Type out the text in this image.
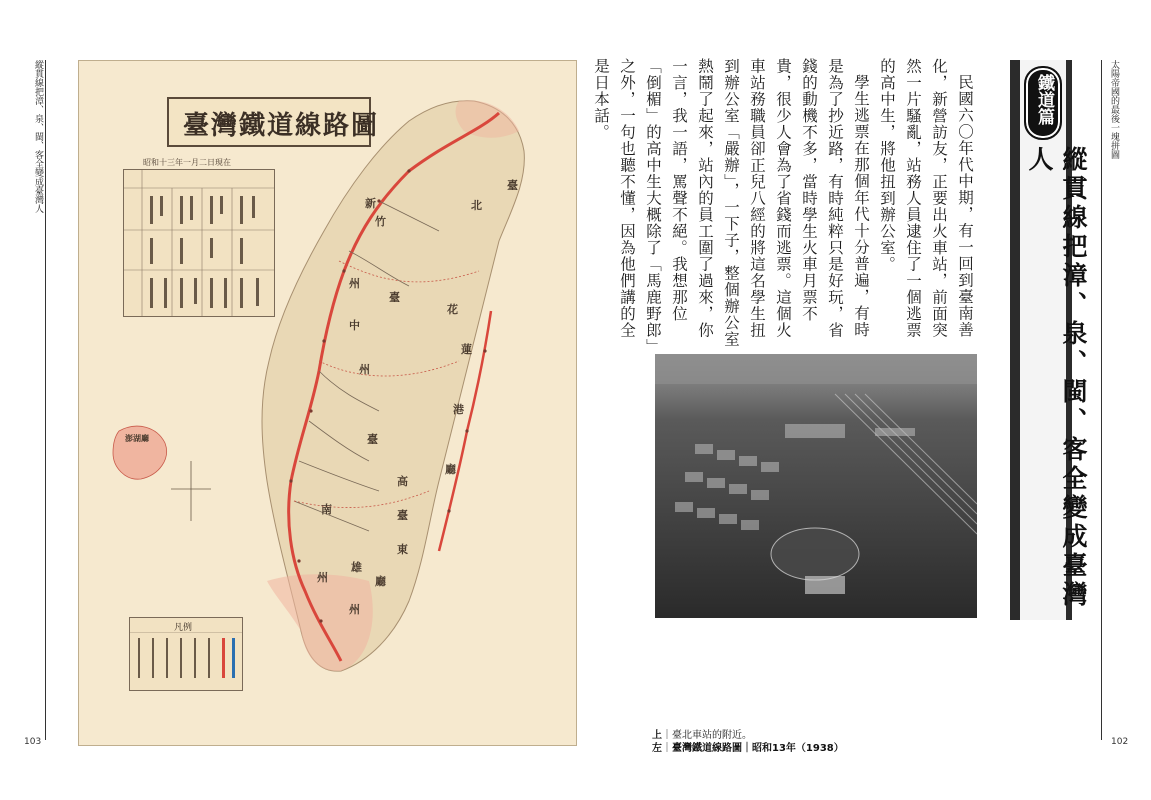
縱貫線把漳、泉、閩、客全變成臺灣人
103
臺灣鐵道線路圖
昭和十三年一月二日現在
臺
北
新
竹
州
臺
中
州
臺
南
州
高
雄
州
花
蓮
港
廳
臺
東
廳
澎湖廳
凡例
鐵道篇
縱貫線把漳、泉、閩、客全變成臺灣人

民國六〇年代中期，有一回到臺南善化，新營訪友，正要出火車站，前面突然一片騷亂，站務人員逮住了一個逃票的高中生，將他扭到辦公室。

學生逃票在那個年代十分普遍，有時是為了抄近路，有時純粹只是好玩，省錢的動機不多，當時學生火車月票不貴，很少人會為了省錢而逃票。這個火車站務職員卻正兒八經的將這名學生扭到辦公室「嚴辦」，一下子，整個辦公室熱鬧了起來，站內的員工圍了過來，你一言，我一語，罵聲不絕。我想那位「倒楣」的高中生大概除了「馬鹿野郎」之外，一句也聽不懂，因為他們講的全是日本話。

上｜臺北車站的附近。
左｜臺灣鐵道線路圖｜昭和13年（1938）
太陽帝國的最後一塊拼圖
102
